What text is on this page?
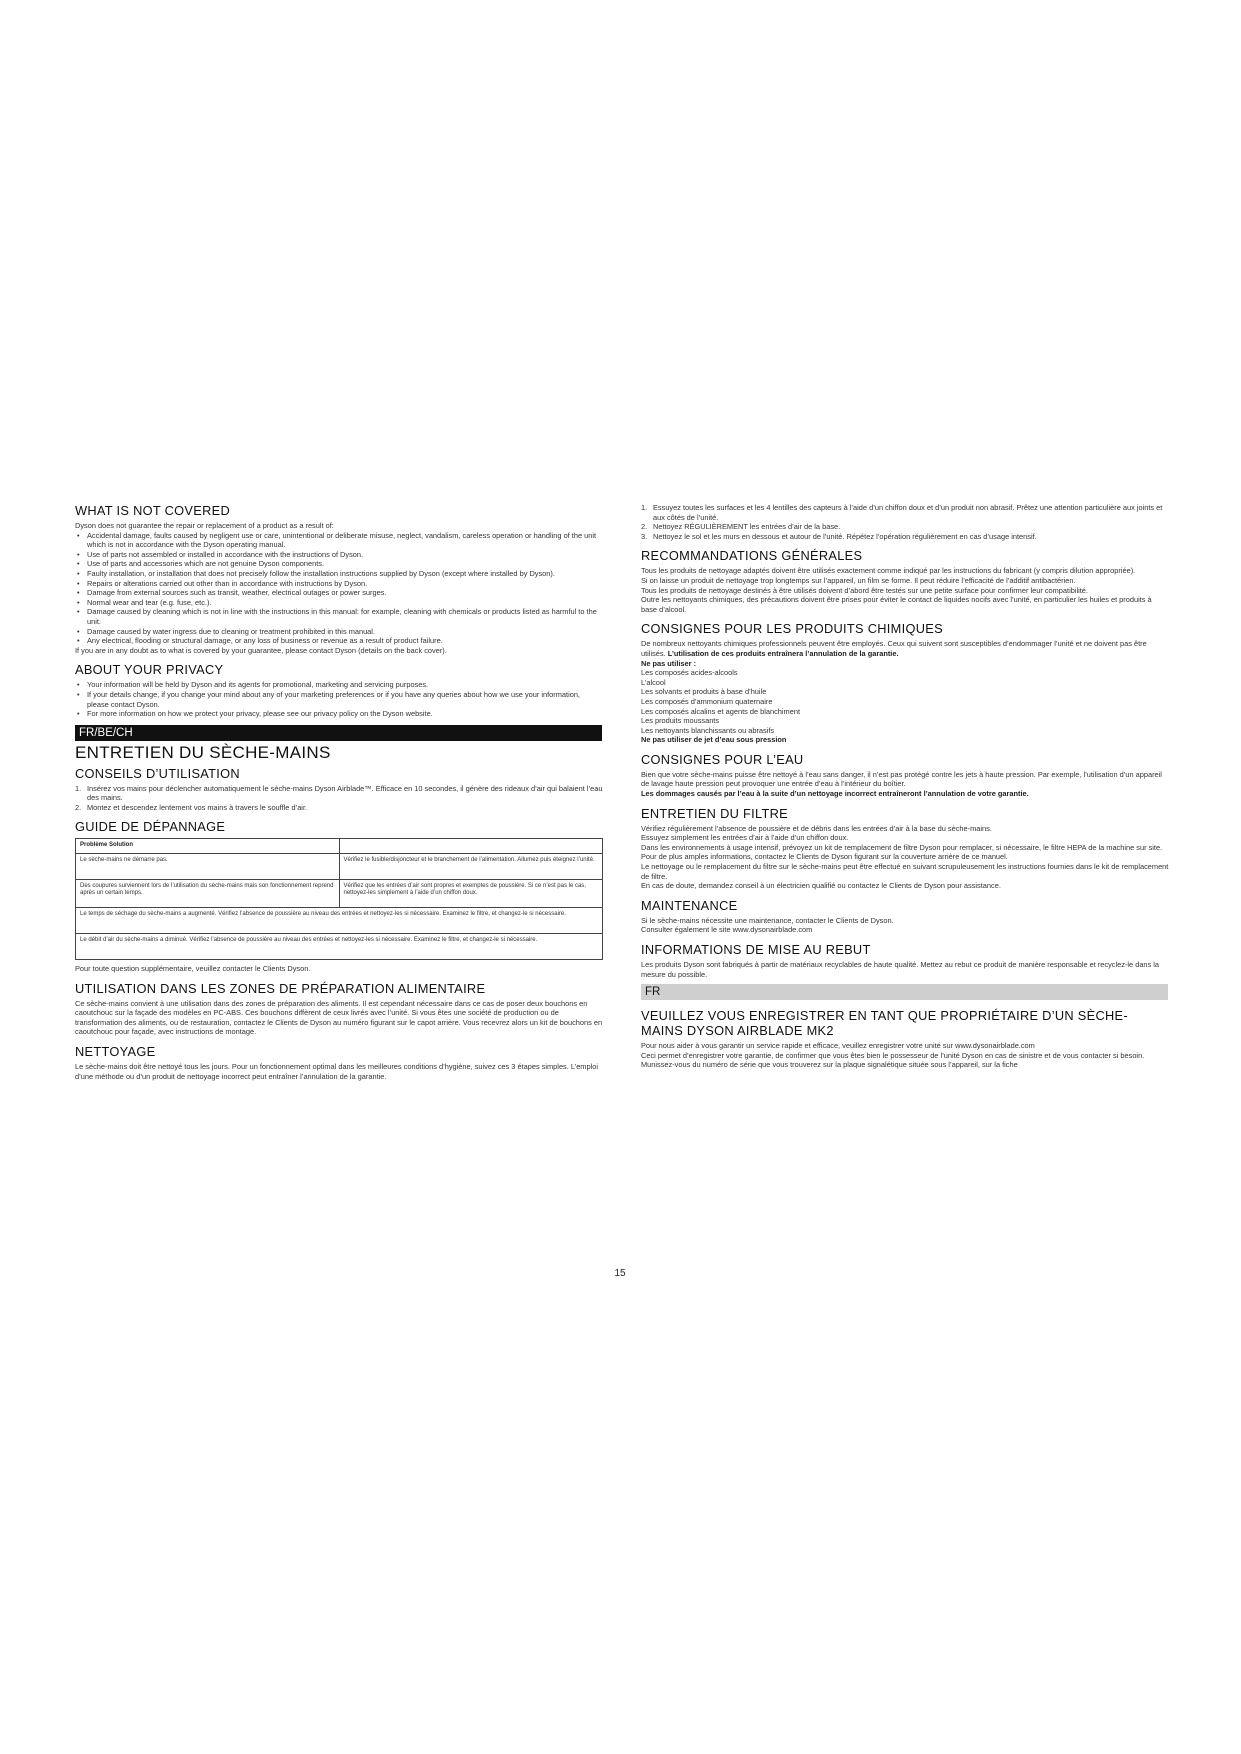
WHAT IS NOT COVERED

Dyson does not guarantee the repair or replacement of a product as a result of:

• Accidental damage, faults caused by negligent use or care, unintentional or deliberate misuse, neglect, vandalism, careless operation or handling of the unit which is not in accordance with the Dyson operating manual.
• Use of parts not assembled or installed in accordance with the instructions of Dyson.
• Use of parts and accessories which are not genuine Dyson components.
• Faulty installation, or installation that does not precisely follow the installation instructions supplied by Dyson (except where installed by Dyson).
• Repairs or alterations carried out other than in accordance with instructions by Dyson.
• Damage from external sources such as transit, weather, electrical outages or power surges.
• Normal wear and tear (e.g. fuse, etc.).
• Damage caused by cleaning which is not in line with the instructions in this manual: for example, cleaning with chemicals or products listed as harmful to the unit.
• Damage caused by water ingress due to cleaning or treatment prohibited in this manual.
• Any electrical, flooding or structural damage, or any loss of business or revenue as a result of product failure.

If you are in any doubt as to what is covered by your guarantee, please contact Dyson (details on the back cover).

ABOUT YOUR PRIVACY
• Your information will be held by Dyson and its agents for promotional, marketing and servicing purposes.
• If your details change, if you change your mind about any of your marketing preferences or if you have any queries about how we use your information, please contact Dyson.
• For more information on how we protect your privacy, please see our privacy policy on the Dyson website.
FR/BE/CH
ENTRETIEN DU SÈCHE-MAINS
CONSEILS D’UTILISATION
1. Insérez vos mains pour déclencher automatiquement le sèche-mains Dyson Airblade™. Efficace en 10 secondes, il génère des rideaux d’air qui balaient l’eau des mains.
2. Montez et descendez lentement vos mains à travers le souffle d’air.
GUIDE DE DÉPANNAGE
Problème Solution	
Le sèche-mains ne démarre pas.	Vérifiez le fusible/disjoncteur et le branchement de l’alimentation. Allumez puis éteignez l’unité.
Des coupures surviennent lors de l’utilisation du sèche-mains mais son fonctionnement reprend après un certain temps.	Vérifiez que les entrées d’air sont propres et exemptes de poussière. Si ce n’est pas le cas, nettoyez-les simplement à l’aide d’un chiffon doux.
Le temps de séchage du sèche-mains a augmenté. Vérifiez l’absence de poussière au niveau des entrées et nettoyez-les si nécessaire. Examinez le filtre, et changez-le si nécessaire.	
Le débit d’air du sèche-mains a diminué. Vérifiez l’absence de poussière au niveau des entrées et nettoyez-les si nécessaire. Examinez le filtre, et changez-le si nécessaire.	

Pour toute question supplémentaire, veuillez contacter le Clients Dyson.

UTILISATION DANS LES ZONES DE PRÉPARATION ALIMENTAIRE

Ce sèche-mains convient à une utilisation dans des zones de préparation des aliments. Il est cependant nécessaire dans ce cas de poser deux bouchons en caoutchouc sur la façade des modèles en PC-ABS. Ces bouchons diffèrent de ceux livrés avec l’unité. Si vous êtes une société de production ou de transformation des aliments, ou de restauration, contactez le Clients de Dyson au numéro figurant sur le capot arrière. Vous recevrez alors un kit de bouchons en caoutchouc pour façade, avec instructions de montage.

NETTOYAGE

Le sèche-mains doit être nettoyé tous les jours. Pour un fonctionnement optimal dans les meilleures conditions d’hygiène, suivez ces 3 étapes simples. L’emploi d’une méthode ou d’un produit de nettoyage incorrect peut entraîner l’annulation de la garantie.

1. Essuyez toutes les surfaces et les 4 lentilles des capteurs à l’aide d’un chiffon doux et d’un produit non abrasif. Prêtez une attention particulière aux joints et aux côtés de l’unité.
2. Nettoyez RÉGULIÈREMENT les entrées d’air de la base.
3. Nettoyez le sol et les murs en dessous et autour de l’unité. Répétez l’opération régulièrement en cas d’usage intensif.
RECOMMANDATIONS GÉNÉRALES

Tous les produits de nettoyage adaptés doivent être utilisés exactement comme indiqué par les instructions du fabricant (y compris dilution appropriée).

Si on laisse un produit de nettoyage trop longtemps sur l’appareil, un film se forme. Il peut réduire l’efficacité de l’additif antibactérien.

Tous les produits de nettoyage destinés à être utilisés doivent d’abord être testés sur une petite surface pour confirmer leur compatibilité.

Outre les nettoyants chimiques, des précautions doivent être prises pour éviter le contact de liquides nocifs avec l’unité, en particulier les huiles et produits à base d’alcool.

CONSIGNES POUR LES PRODUITS CHIMIQUES

De nombreux nettoyants chimiques professionnels peuvent être employés. Ceux qui suivent sont susceptibles d’endommager l’unité et ne doivent pas être utilisés. L’utilisation de ces produits entraînera l’annulation de la garantie.

Ne pas utiliser :

Les composés acides-alcools

L’alcool

Les solvants et produits à base d’huile

Les composés d’ammonium quaternaire

Les composés alcalins et agents de blanchiment

Les produits moussants

Les nettoyants blanchissants ou abrasifs

Ne pas utiliser de jet d’eau sous pression

CONSIGNES POUR L’EAU

Bien que votre sèche-mains puisse être nettoyé à l’eau sans danger, il n’est pas protégé contre les jets à haute pression. Par exemple, l’utilisation d’un appareil de lavage haute pression peut provoquer une entrée d’eau à l’intérieur du boîtier.

Les dommages causés par l’eau à la suite d’un nettoyage incorrect entraîneront l’annulation de votre garantie.

ENTRETIEN DU FILTRE

Vérifiez régulièrement l’absence de poussière et de débris dans les entrées d’air à la base du sèche-mains.

Essuyez simplement les entrées d’air à l’aide d’un chiffon doux.

Dans les environnements à usage intensif, prévoyez un kit de remplacement de filtre Dyson pour remplacer, si nécessaire, le filtre HEPA de la machine sur site. Pour de plus amples informations, contactez le Clients de Dyson figurant sur la couverture arrière de ce manuel.

Le nettoyage ou le remplacement du filtre sur le sèche-mains peut être effectué en suivant scrupuleusement les instructions fournies dans le kit de remplacement de filtre.

En cas de doute, demandez conseil à un électricien qualifié ou contactez le Clients de Dyson pour assistance.

MAINTENANCE

Si le sèche-mains nécessite une maintenance, contacter le Clients de Dyson.

Consulter également le site www.dysonairblade.com

INFORMATIONS DE MISE AU REBUT

Les produits Dyson sont fabriqués à partir de matériaux recyclables de haute qualité. Mettez au rebut ce produit de manière responsable et recyclez-le dans la mesure du possible.

FR
VEUILLEZ VOUS ENREGISTRER EN TANT QUE PROPRIÉTAIRE D’UN SÈCHE-MAINS DYSON AIRBLADE MK2

Pour nous aider à vous garantir un service rapide et efficace, veuillez enregistrer votre unité sur www.dysonairblade.com

Ceci permet d’enregistrer votre garantie, de confirmer que vous êtes bien le possesseur de l’unité Dyson en cas de sinistre et de vous contacter si besoin.

Munissez-vous du numéro de série que vous trouverez sur la plaque signalétique située sous l’appareil, sur la fiche

15
